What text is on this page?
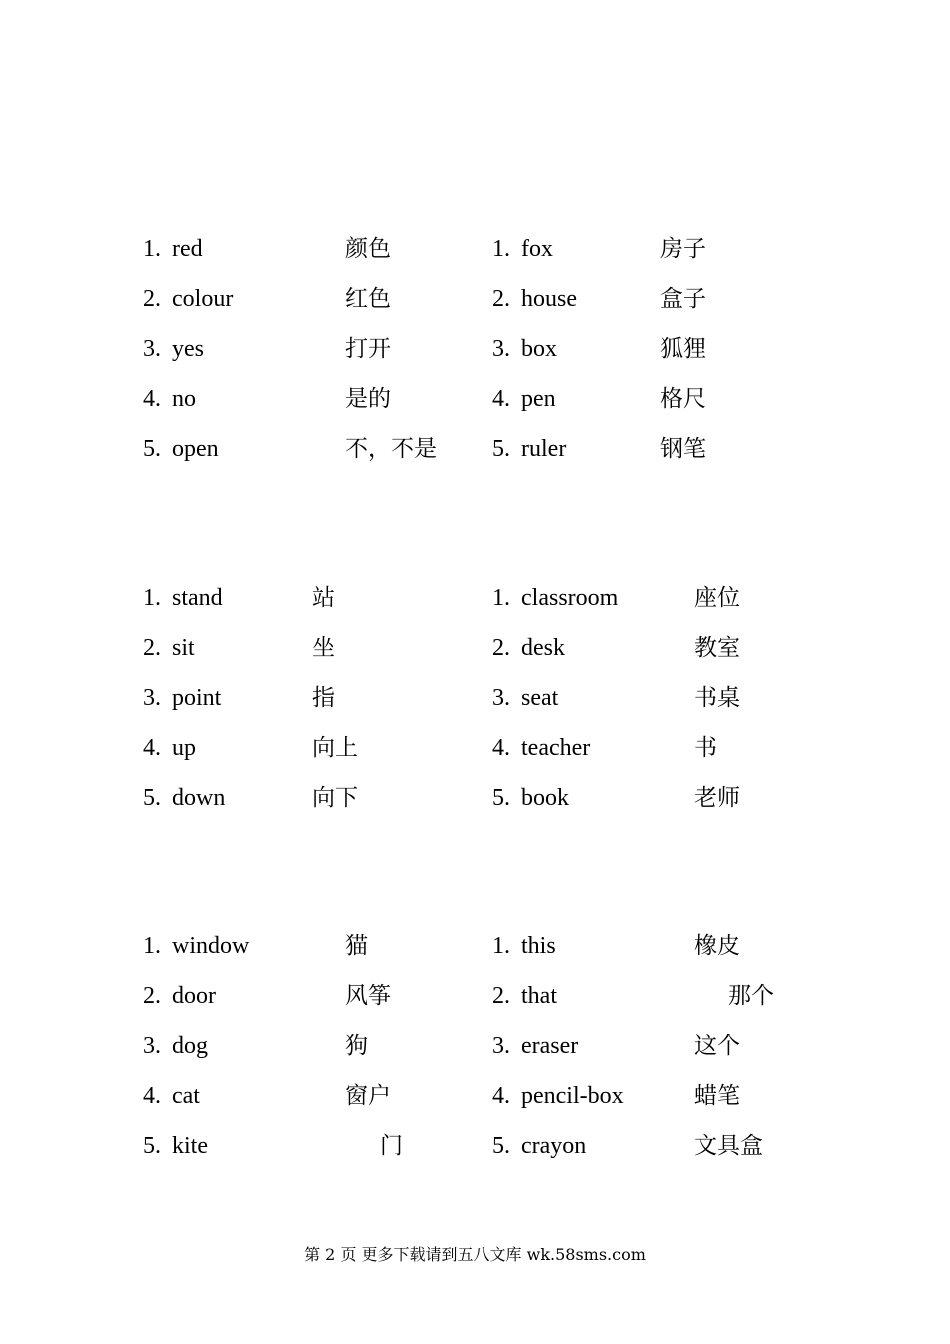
1. red	颜色
2. colour	红色
3. yes	打开
4. no	是的
5. open	不，不是
1. fox	房子
2. house	盒子
3. box	狐狸
4. pen	格尺
5. ruler	钢笔
1. stand	站
2. sit	坐
3. point	指
4. up	向上
5. down	向下
1. classroom	座位
2. desk	教室
3. seat	书桌
4. teacher	书
5. book	老师
1. window	猫
2. door	风筝
3. dog	狗
4. cat	窗户
5. kite	门
1. this	橡皮
2. that	那个
3. eraser	这个
4. pencil-box	蜡笔
5. crayon	文具盒
第 2 页 更多下载请到五八文库 wk.58sms.com
